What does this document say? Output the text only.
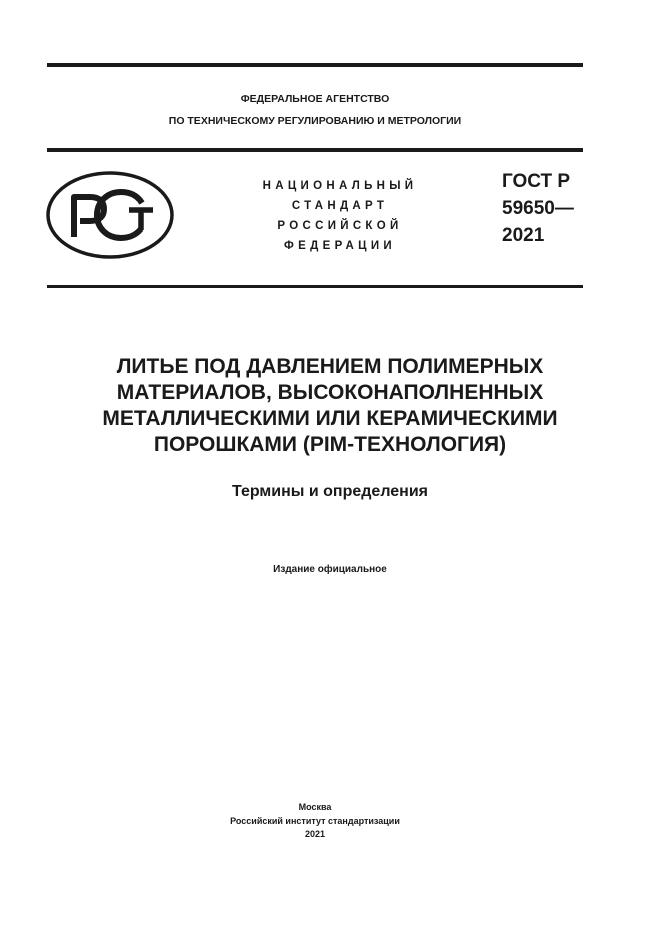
ФЕДЕРАЛЬНОЕ АГЕНТСТВО
ПО ТЕХНИЧЕСКОМУ РЕГУЛИРОВАНИЮ И МЕТРОЛОГИИ
НАЦИОНАЛЬНЫЙ
СТАНДАРТ
РОССИЙСКОЙ
ФЕДЕРАЦИИ
ГОСТ Р
59650—
2021
ЛИТЬЕ ПОД ДАВЛЕНИЕМ ПОЛИМЕРНЫХ
МАТЕРИАЛОВ, ВЫСОКОНАПОЛНЕННЫХ
МЕТАЛЛИЧЕСКИМИ ИЛИ КЕРАМИЧЕСКИМИ
ПОРОШКАМИ (PIM-ТЕХНОЛОГИЯ)
Термины и определения
Издание официальное
Москва
Российский институт стандартизации
2021
